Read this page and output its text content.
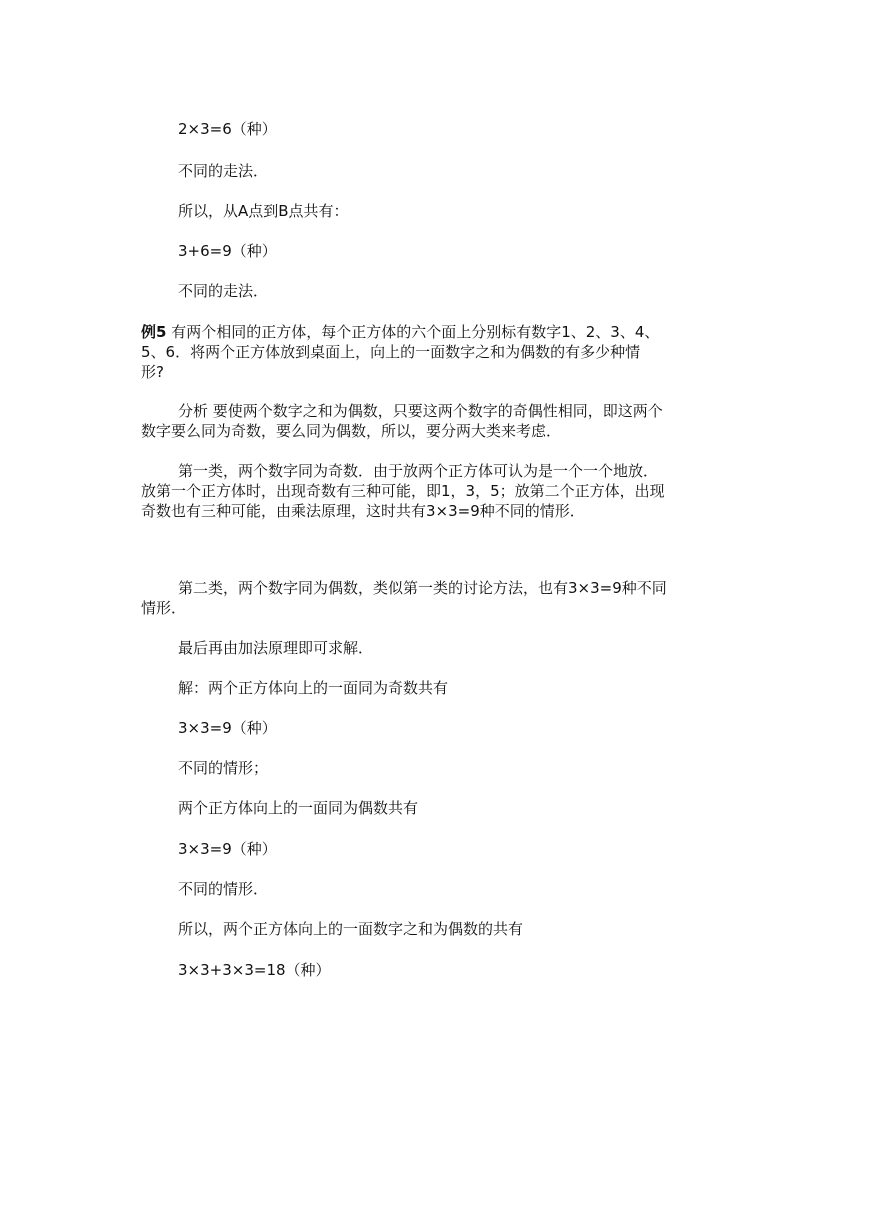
2×3=6（种）
不同的走法．
所以，从A点到B点共有：
3+6=9（种）
不同的走法．
例5 有两个相同的正方体，每个正方体的六个面上分别标有数字1、2、3、4、
5、6．将两个正方体放到桌面上，向上的一面数字之和为偶数的有多少种情
形?
分析 要使两个数字之和为偶数，只要这两个数字的奇偶性相同，即这两个
数字要么同为奇数，要么同为偶数，所以，要分两大类来考虑．
第一类，两个数字同为奇数．由于放两个正方体可认为是一个一个地放．
放第一个正方体时，出现奇数有三种可能，即1，3，5；放第二个正方体，出现
奇数也有三种可能，由乘法原理，这时共有3×3=9种不同的情形．
第二类，两个数字同为偶数，类似第一类的讨论方法，也有3×3=9种不同
情形．
最后再由加法原理即可求解．
解：两个正方体向上的一面同为奇数共有
3×3=9（种）
不同的情形；
两个正方体向上的一面同为偶数共有
3×3=9（种）
不同的情形．
所以，两个正方体向上的一面数字之和为偶数的共有
3×3+3×3=18（种）
